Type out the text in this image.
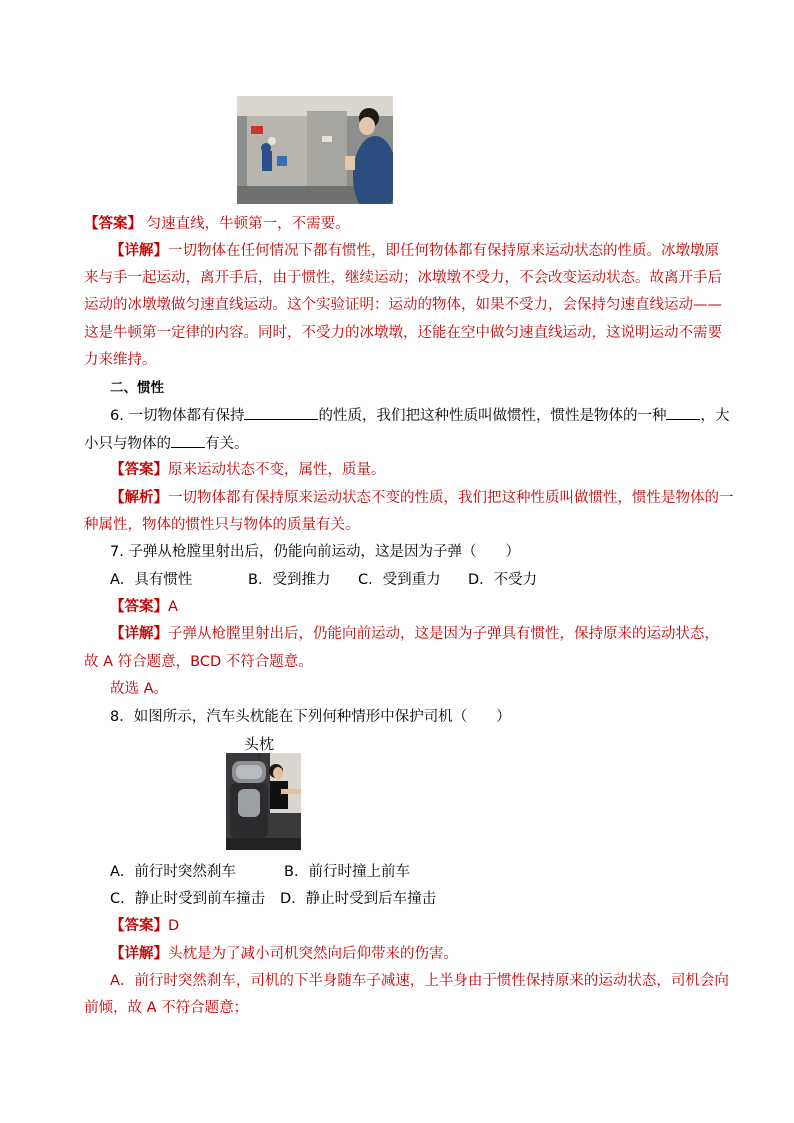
【答案】 匀速直线，牛顿第一，不需要。
【详解】一切物体在任何情况下都有惯性，即任何物体都有保持原来运动状态的性质。冰墩墩原
来与手一起运动，离开手后，由于惯性，继续运动；冰墩墩不受力，不会改变运动状态。故离开手后
运动的冰墩墩做匀速直线运动。这个实验证明：运动的物体，如果不受力，会保持匀速直线运动——
这是牛顿第一定律的内容。同时，不受力的冰墩墩，还能在空中做匀速直线运动，这说明运动不需要
力来维持。
二、惯性
6. 一切物体都有保持	的性质，我们把这种性质叫做惯性，惯性是物体的一种 ，大
小只与物体的 有关。
【答案】原来运动状态不变，属性，质量。
【解析】一切物体都有保持原来运动状态不变的性质，我们把这种性质叫做惯性，惯性是物体的一
种属性，物体的惯性只与物体的质量有关。
7. 子弹从枪膛里射出后，仍能向前运动，这是因为子弹（　　）
A．具有惯性	B．受到推力 C．受到重力 D．不受力
【答案】A
【详解】子弹从枪膛里射出后，仍能向前运动，这是因为子弹具有惯性，保持原来的运动状态，
故 A 符合题意，BCD 不符合题意。
故选 A。
8．如图所示，汽车头枕能在下列何种情形中保护司机（　　）
头枕
A．前行时突然刹车	B．前行时撞上前车
C．静止时受到前车撞击 D．静止时受到后车撞击
【答案】D
【详解】头枕是为了减小司机突然向后仰带来的伤害。
A．前行时突然刹车，司机的下半身随车子减速，上半身由于惯性保持原来的运动状态，司机会向
前倾，故 A 不符合题意；
